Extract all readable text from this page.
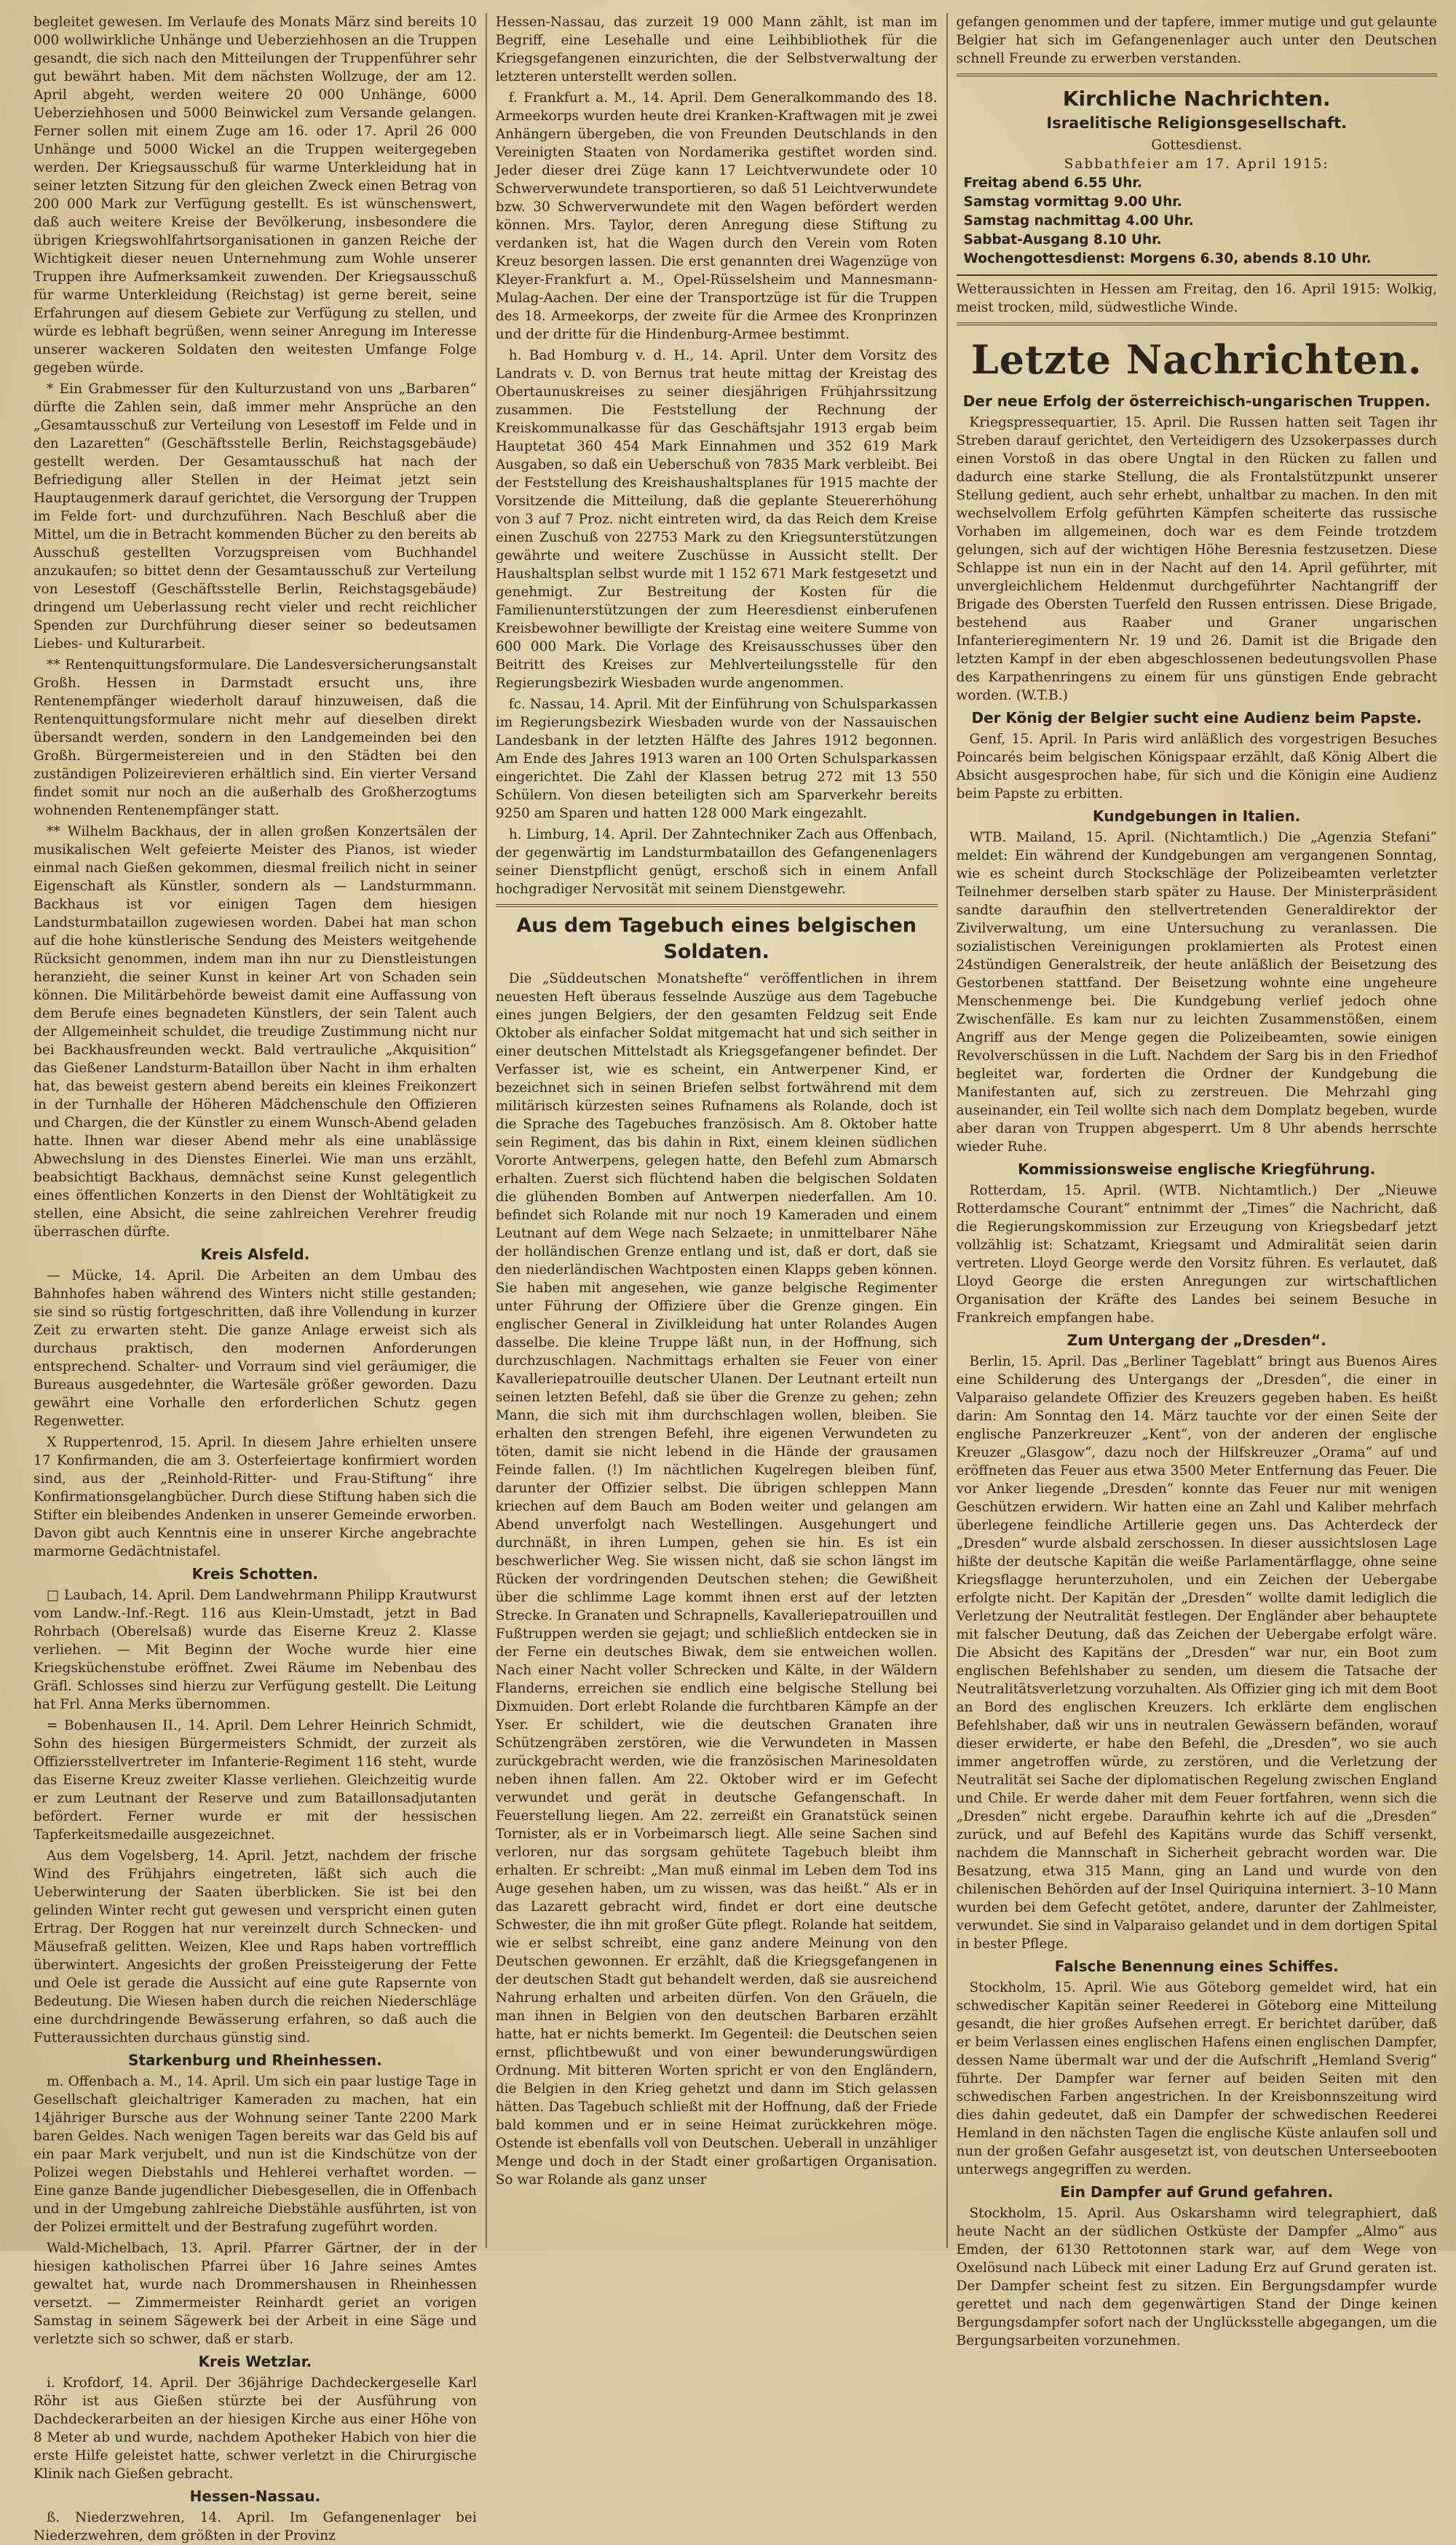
begleitet gewesen. Im Verlaufe des Monats März sind bereits 10 000 wollwirkliche Unhänge und Ueberziehhosen an die Truppen gesandt, die sich nach den Mitteilungen der Truppenführer sehr gut bewährt haben. Mit dem nächsten Wollzuge, der am 12. April abgeht, werden weitere 20 000 Unhänge, 6000 Ueberziehhosen und 5000 Beinwickel zum Versande gelangen. Ferner sollen mit einem Zuge am 16. oder 17. April 26 000 Unhänge und 5000 Wickel an die Truppen weitergegeben werden. Der Kriegsausschuß für warme Unterkleidung hat in seiner letzten Sitzung für den gleichen Zweck einen Betrag von 200 000 Mark zur Verfügung gestellt. Es ist wünschenswert, daß auch weitere Kreise der Bevölkerung, insbesondere die übrigen Kriegswohlfahrtsorganisationen in ganzen Reiche der Wichtigkeit dieser neuen Unternehmung zum Wohle unserer Truppen ihre Aufmerksamkeit zuwenden. Der Kriegsausschuß für warme Unterkleidung (Reichstag) ist gerne bereit, seine Erfahrungen auf diesem Gebiete zur Verfügung zu stellen, und würde es lebhaft begrüßen, wenn seiner Anregung im Interesse unserer wackeren Soldaten den weitesten Umfange Folge gegeben würde.

* Ein Grabmesser für den Kulturzustand von uns „Barbaren“ dürfte die Zahlen sein, daß immer mehr Ansprüche an den „Gesamtausschuß zur Verteilung von Lesestoff im Felde und in den Lazaretten“ (Geschäftsstelle Berlin, Reichstagsgebäude) gestellt werden. Der Gesamtausschuß hat nach der Befriedigung aller Stellen in der Heimat jetzt sein Hauptaugenmerk darauf gerichtet, die Versorgung der Truppen im Felde fort- und durchzuführen. Nach Beschluß aber die Mittel, um die in Betracht kommenden Bücher zu den bereits ab Ausschuß gestellten Vorzugspreisen vom Buchhandel anzukaufen; so bittet denn der Gesamtausschuß zur Verteilung von Lesestoff (Geschäftsstelle Berlin, Reichstagsgebäude) dringend um Ueberlassung recht vieler und recht reichlicher Spenden zur Durchführung dieser seiner so bedeutsamen Liebes- und Kulturarbeit.

** Rentenquittungsformulare. Die Landesversicherungsanstalt Großh. Hessen in Darmstadt ersucht uns, ihre Rentenempfänger wiederholt darauf hinzuweisen, daß die Rentenquittungsformulare nicht mehr auf dieselben direkt übersandt werden, sondern in den Landgemeinden bei den Großh. Bürgermeistereien und in den Städten bei den zuständigen Polizeirevieren erhältlich sind. Ein vierter Versand findet somit nur noch an die außerhalb des Großherzogtums wohnenden Rentenempfänger statt.

** Wilhelm Backhaus, der in allen großen Konzertsälen der musikalischen Welt gefeierte Meister des Pianos, ist wieder einmal nach Gießen gekommen, diesmal freilich nicht in seiner Eigenschaft als Künstler, sondern als — Landsturmmann. Backhaus ist vor einigen Tagen dem hiesigen Landsturmbataillon zugewiesen worden. Dabei hat man schon auf die hohe künstlerische Sendung des Meisters weitgehende Rücksicht genommen, indem man ihn nur zu Dienstleistungen heranzieht, die seiner Kunst in keiner Art von Schaden sein können. Die Militärbehörde beweist damit eine Auffassung von dem Berufe eines begnadeten Künstlers, der sein Talent auch der Allgemeinheit schuldet, die treudige Zustimmung nicht nur bei Backhausfreunden weckt. Bald vertrauliche „Akquisition“ das Gießener Landsturm-Bataillon über Nacht in ihm erhalten hat, das beweist gestern abend bereits ein kleines Freikonzert in der Turnhalle der Höheren Mädchenschule den Offizieren und Chargen, die der Künstler zu einem Wunsch-Abend geladen hatte. Ihnen war dieser Abend mehr als eine unablässige Abwechslung in des Dienstes Einerlei. Wie man uns erzählt, beabsichtigt Backhaus, demnächst seine Kunst gelegentlich eines öffentlichen Konzerts in den Dienst der Wohltätigkeit zu stellen, eine Absicht, die seine zahlreichen Verehrer freudig überraschen dürfte.

Kreis Alsfeld.

— Mücke, 14. April. Die Arbeiten an dem Umbau des Bahnhofes haben während des Winters nicht stille gestanden; sie sind so rüstig fortgeschritten, daß ihre Vollendung in kurzer Zeit zu erwarten steht. Die ganze Anlage erweist sich als durchaus praktisch, den modernen Anforderungen entsprechend. Schalter- und Vorraum sind viel geräumiger, die Bureaus ausgedehnter, die Wartesäle größer geworden. Dazu gewährt eine Vorhalle den erforderlichen Schutz gegen Regenwetter.

X Ruppertenrod, 15. April. In diesem Jahre erhielten unsere 17 Konfirmanden, die am 3. Osterfeiertage konfirmiert worden sind, aus der „Reinhold-Ritter- und Frau-Stiftung“ ihre Konfirmationsgelangbücher. Durch diese Stiftung haben sich die Stifter ein bleibendes Andenken in unserer Gemeinde erworben. Davon gibt auch Kenntnis eine in unserer Kirche angebrachte marmorne Gedächtnistafel.

Kreis Schotten.

□ Laubach, 14. April. Dem Landwehrmann Philipp Krautwurst vom Landw.-Inf.-Regt. 116 aus Klein-Umstadt, jetzt in Bad Rohrbach (Oberelsaß) wurde das Eiserne Kreuz 2. Klasse verliehen. — Mit Beginn der Woche wurde hier eine Kriegsküchenstube eröffnet. Zwei Räume im Nebenbau des Gräfl. Schlosses sind hierzu zur Verfügung gestellt. Die Leitung hat Frl. Anna Merks übernommen.

= Bobenhausen II., 14. April. Dem Lehrer Heinrich Schmidt, Sohn des hiesigen Bürgermeisters Schmidt, der zurzeit als Offiziersstellvertreter im Infanterie-Regiment 116 steht, wurde das Eiserne Kreuz zweiter Klasse verliehen. Gleichzeitig wurde er zum Leutnant der Reserve und zum Bataillonsadjutanten befördert. Ferner wurde er mit der hessischen Tapferkeitsmedaille ausgezeichnet.

Aus dem Vogelsberg, 14. April. Jetzt, nachdem der frische Wind des Frühjahrs eingetreten, läßt sich auch die Ueberwinterung der Saaten überblicken. Sie ist bei den gelinden Winter recht gut gewesen und verspricht einen guten Ertrag. Der Roggen hat nur vereinzelt durch Schnecken- und Mäusefraß gelitten. Weizen, Klee und Raps haben vortrefflich überwintert. Angesichts der großen Preissteigerung der Fette und Oele ist gerade die Aussicht auf eine gute Rapsernte von Bedeutung. Die Wiesen haben durch die reichen Niederschläge eine durchdringende Bewässerung erfahren, so daß auch die Futteraussichten durchaus günstig sind.

Starkenburg und Rheinhessen.

m. Offenbach a. M., 14. April. Um sich ein paar lustige Tage in Gesellschaft gleichaltriger Kameraden zu machen, hat ein 14jähriger Bursche aus der Wohnung seiner Tante 2200 Mark baren Geldes. Nach wenigen Tagen bereits war das Geld bis auf ein paar Mark verjubelt, und nun ist die Kindschütze von der Polizei wegen Diebstahls und Hehlerei verhaftet worden. — Eine ganze Bande jugendlicher Diebesgesellen, die in Offenbach und in der Umgebung zahlreiche Diebstähle ausführten, ist von der Polizei ermittelt und der Bestrafung zugeführt worden.

Wald-Michelbach, 13. April. Pfarrer Gärtner, der in der hiesigen katholischen Pfarrei über 16 Jahre seines Amtes gewaltet hat, wurde nach Drommershausen in Rheinhessen versetzt. — Zimmermeister Reinhardt geriet an vorigen Samstag in seinem Sägewerk bei der Arbeit in eine Säge und verletzte sich so schwer, daß er starb.

Kreis Wetzlar.

i. Krofdorf, 14. April. Der 36jährige Dachdeckergeselle Karl Röhr ist aus Gießen stürzte bei der Ausführung von Dachdeckerarbeiten an der hiesigen Kirche aus einer Höhe von 8 Meter ab und wurde, nachdem Apotheker Habich von hier die erste Hilfe geleistet hatte, schwer verletzt in die Chirurgische Klinik nach Gießen gebracht.

Hessen-Nassau.

ß. Niederzwehren, 14. April. Im Gefangenenlager bei Niederzwehren, dem größten in der Provinz

Hessen-Nassau, das zurzeit 19 000 Mann zählt, ist man im Begriff, eine Lesehalle und eine Leihbibliothek für die Kriegsgefangenen einzurichten, die der Selbstverwaltung der letzteren unterstellt werden sollen.

f. Frankfurt a. M., 14. April. Dem Generalkommando des 18. Armeekorps wurden heute drei Kranken-Kraftwagen mit je zwei Anhängern übergeben, die von Freunden Deutschlands in den Vereinigten Staaten von Nordamerika gestiftet worden sind. Jeder dieser drei Züge kann 17 Leichtverwundete oder 10 Schwerverwundete transportieren, so daß 51 Leichtverwundete bzw. 30 Schwerverwundete mit den Wagen befördert werden können. Mrs. Taylor, deren Anregung diese Stiftung zu verdanken ist, hat die Wagen durch den Verein vom Roten Kreuz besorgen lassen. Die erst genannten drei Wagenzüge von Kleyer-Frankfurt a. M., Opel-Rüsselsheim und Mannesmann-Mulag-Aachen. Der eine der Transportzüge ist für die Truppen des 18. Armeekorps, der zweite für die Armee des Kronprinzen und der dritte für die Hindenburg-Armee bestimmt.

h. Bad Homburg v. d. H., 14. April. Unter dem Vorsitz des Landrats v. D. von Bernus trat heute mittag der Kreistag des Obertaunuskreises zu seiner diesjährigen Frühjahrssitzung zusammen. Die Feststellung der Rechnung der Kreiskommunalkasse für das Geschäftsjahr 1913 ergab beim Hauptetat 360 454 Mark Einnahmen und 352 619 Mark Ausgaben, so daß ein Ueberschuß von 7835 Mark verbleibt. Bei der Feststellung des Kreishaushaltsplanes für 1915 machte der Vorsitzende die Mitteilung, daß die geplante Steuererhöhung von 3 auf 7 Proz. nicht eintreten wird, da das Reich dem Kreise einen Zuschuß von 22753 Mark zu den Kriegsunterstützungen gewährte und weitere Zuschüsse in Aussicht stellt. Der Haushaltsplan selbst wurde mit 1 152 671 Mark festgesetzt und genehmigt. Zur Bestreitung der Kosten für die Familienunterstützungen der zum Heeresdienst einberufenen Kreisbewohner bewilligte der Kreistag eine weitere Summe von 600 000 Mark. Die Vorlage des Kreisausschusses über den Beitritt des Kreises zur Mehlverteilungsstelle für den Regierungsbezirk Wiesbaden wurde angenommen.

fc. Nassau, 14. April. Mit der Einführung von Schulsparkassen im Regierungsbezirk Wiesbaden wurde von der Nassauischen Landesbank in der letzten Hälfte des Jahres 1912 begonnen. Am Ende des Jahres 1913 waren an 100 Orten Schulsparkassen eingerichtet. Die Zahl der Klassen betrug 272 mit 13 550 Schülern. Von diesen beteiligten sich am Sparverkehr bereits 9250 am Sparen und hatten 128 000 Mark eingezahlt.

h. Limburg, 14. April. Der Zahntechniker Zach aus Offenbach, der gegenwärtig im Landsturmbataillon des Gefangenenlagers seiner Dienstpflicht genügt, erschoß sich in einem Anfall hochgradiger Nervosität mit seinem Dienstgewehr.

Aus dem Tagebuch eines belgischen Soldaten.

Die „Süddeutschen Monatshefte“ veröffentlichen in ihrem neuesten Heft überaus fesselnde Auszüge aus dem Tagebuche eines jungen Belgiers, der den gesamten Feldzug seit Ende Oktober als einfacher Soldat mitgemacht hat und sich seither in einer deutschen Mittelstadt als Kriegsgefangener befindet. Der Verfasser ist, wie es scheint, ein Antwerpener Kind, er bezeichnet sich in seinen Briefen selbst fortwährend mit dem militärisch kürzesten seines Rufnamens als Rolande, doch ist die Sprache des Tagebuches französisch. Am 8. Oktober hatte sein Regiment, das bis dahin in Rixt, einem kleinen südlichen Vororte Antwerpens, gelegen hatte, den Befehl zum Abmarsch erhalten. Zuerst sich flüchtend haben die belgischen Soldaten die glühenden Bomben auf Antwerpen niederfallen. Am 10. befindet sich Rolande mit nur noch 19 Kameraden und einem Leutnant auf dem Wege nach Selzaete; in unmittelbarer Nähe der holländischen Grenze entlang und ist, daß er dort, daß sie den niederländischen Wachtposten einen Klapps geben können. Sie haben mit angesehen, wie ganze belgische Regimenter unter Führung der Offiziere über die Grenze gingen. Ein englischer General in Zivilkleidung hat unter Rolandes Augen dasselbe. Die kleine Truppe läßt nun, in der Hoffnung, sich durchzuschlagen. Nachmittags erhalten sie Feuer von einer Kavalleriepatrouille deutscher Ulanen. Der Leutnant erteilt nun seinen letzten Befehl, daß sie über die Grenze zu gehen; zehn Mann, die sich mit ihm durchschlagen wollen, bleiben. Sie erhalten den strengen Befehl, ihre eigenen Verwundeten zu töten, damit sie nicht lebend in die Hände der grausamen Feinde fallen. (!) Im nächtlichen Kugelregen bleiben fünf, darunter der Offizier selbst. Die übrigen schleppen Mann kriechen auf dem Bauch am Boden weiter und gelangen am Abend unverfolgt nach Westellingen. Ausgehungert und durchnäßt, in ihren Lumpen, gehen sie hin. Es ist ein beschwerlicher Weg. Sie wissen nicht, daß sie schon längst im Rücken der vordringenden Deutschen stehen; die Gewißheit über die schlimme Lage kommt ihnen erst auf der letzten Strecke. In Granaten und Schrapnells, Kavalleriepatrouillen und Fußtruppen werden sie gejagt; und schließlich entdecken sie in der Ferne ein deutsches Biwak, dem sie entweichen wollen. Nach einer Nacht voller Schrecken und Kälte, in der Wäldern Flanderns, erreichen sie endlich eine belgische Stellung bei Dixmuiden. Dort erlebt Rolande die furchtbaren Kämpfe an der Yser. Er schildert, wie die deutschen Granaten ihre Schützengräben zerstören, wie die Verwundeten in Massen zurückgebracht werden, wie die französischen Marinesoldaten neben ihnen fallen. Am 22. Oktober wird er im Gefecht verwundet und gerät in deutsche Gefangenschaft. In Feuerstellung liegen. Am 22. zerreißt ein Granatstück seinen Tornister, als er in Vorbeimarsch liegt. Alle seine Sachen sind verloren, nur das sorgsam gehütete Tagebuch bleibt ihm erhalten. Er schreibt: „Man muß einmal im Leben dem Tod ins Auge gesehen haben, um zu wissen, was das heißt.“ Als er in das Lazarett gebracht wird, findet er dort eine deutsche Schwester, die ihn mit großer Güte pflegt. Rolande hat seitdem, wie er selbst schreibt, eine ganz andere Meinung von den Deutschen gewonnen. Er erzählt, daß die Kriegsgefangenen in der deutschen Stadt gut behandelt werden, daß sie ausreichend Nahrung erhalten und arbeiten dürfen. Von den Gräueln, die man ihnen in Belgien von den deutschen Barbaren erzählt hatte, hat er nichts bemerkt. Im Gegenteil: die Deutschen seien ernst, pflichtbewußt und von einer bewunderungswürdigen Ordnung. Mit bitteren Worten spricht er von den Engländern, die Belgien in den Krieg gehetzt und dann im Stich gelassen hätten. Das Tagebuch schließt mit der Hoffnung, daß der Friede bald kommen und er in seine Heimat zurückkehren möge. Ostende ist ebenfalls voll von Deutschen. Ueberall in unzähliger Menge und doch in der Stadt einer großartigen Organisation. So war Rolande als ganz unser

gefangen genommen und der tapfere, immer mutige und gut gelaunte Belgier hat sich im Gefangenenlager auch unter den Deutschen schnell Freunde zu erwerben verstanden.

Kirchliche Nachrichten.
Israelitische Religionsgesellschaft.
Gottesdienst.
Sabbathfeier am 17. April 1915:
Freitag abend 6.55 Uhr.
Samstag vormittag 9.00 Uhr.
Samstag nachmittag 4.00 Uhr.
Sabbat-Ausgang 8.10 Uhr.
Wochengottesdienst: Morgens 6.30, abends 8.10 Uhr.

Wetteraussichten in Hessen am Freitag, den 16. April 1915: Wolkig, meist trocken, mild, südwestliche Winde.

Letzte Nachrichten.
Der neue Erfolg der österreichisch-ungarischen Truppen.

Kriegspressequartier, 15. April. Die Russen hatten seit Tagen ihr Streben darauf gerichtet, den Verteidigern des Uzsokerpasses durch einen Vorstoß in das obere Ungtal in den Rücken zu fallen und dadurch eine starke Stellung, die als Frontalstützpunkt unserer Stellung gedient, auch sehr erhebt, unhaltbar zu machen. In den mit wechselvollem Erfolg geführten Kämpfen scheiterte das russische Vorhaben im allgemeinen, doch war es dem Feinde trotzdem gelungen, sich auf der wichtigen Höhe Beresnia festzusetzen. Diese Schlappe ist nun ein in der Nacht auf den 14. April geführter, mit unvergleichlichem Heldenmut durchgeführter Nachtangriff der Brigade des Obersten Tuerfeld den Russen entrissen. Diese Brigade, bestehend aus Raaber und Graner ungarischen Infanterieregimentern Nr. 19 und 26. Damit ist die Brigade den letzten Kampf in der eben abgeschlossenen bedeutungsvollen Phase des Karpathenringens zu einem für uns günstigen Ende gebracht worden. (W.T.B.)

Der König der Belgier sucht eine Audienz beim Papste.

Genf, 15. April. In Paris wird anläßlich des vorgestrigen Besuches Poincarés beim belgischen Königspaar erzählt, daß König Albert die Absicht ausgesprochen habe, für sich und die Königin eine Audienz beim Papste zu erbitten.

Kundgebungen in Italien.

WTB. Mailand, 15. April. (Nichtamtlich.) Die „Agenzia Stefani“ meldet: Ein während der Kundgebungen am vergangenen Sonntag, wie es scheint durch Stockschläge der Polizeibeamten verletzter Teilnehmer derselben starb später zu Hause. Der Ministerpräsident sandte daraufhin den stellvertretenden Generaldirektor der Zivilverwaltung, um eine Untersuchung zu veranlassen. Die sozialistischen Vereinigungen proklamierten als Protest einen 24stündigen Generalstreik, der heute anläßlich der Beisetzung des Gestorbenen stattfand. Der Beisetzung wohnte eine ungeheure Menschenmenge bei. Die Kundgebung verlief jedoch ohne Zwischenfälle. Es kam nur zu leichten Zusammenstößen, einem Angriff aus der Menge gegen die Polizeibeamten, sowie einigen Revolverschüssen in die Luft. Nachdem der Sarg bis in den Friedhof begleitet war, forderten die Ordner der Kundgebung die Manifestanten auf, sich zu zerstreuen. Die Mehrzahl ging auseinander, ein Teil wollte sich nach dem Domplatz begeben, wurde aber daran von Truppen abgesperrt. Um 8 Uhr abends herrschte wieder Ruhe.

Kommissionsweise englische Kriegführung.

Rotterdam, 15. April. (WTB. Nichtamtlich.) Der „Nieuwe Rotterdamsche Courant“ entnimmt der „Times“ die Nachricht, daß die Regierungskommission zur Erzeugung von Kriegsbedarf jetzt vollzählig ist: Schatzamt, Kriegsamt und Admiralität seien darin vertreten. Lloyd George werde den Vorsitz führen. Es verlautet, daß Lloyd George die ersten Anregungen zur wirtschaftlichen Organisation der Kräfte des Landes bei seinem Besuche in Frankreich empfangen habe.

Zum Untergang der „Dresden“.

Berlin, 15. April. Das „Berliner Tageblatt“ bringt aus Buenos Aires eine Schilderung des Untergangs der „Dresden“, die einer in Valparaiso gelandete Offizier des Kreuzers gegeben haben. Es heißt darin: Am Sonntag den 14. März tauchte vor der einen Seite der englische Panzerkreuzer „Kent“, von der anderen der englische Kreuzer „Glasgow“, dazu noch der Hilfskreuzer „Orama“ auf und eröffneten das Feuer aus etwa 3500 Meter Entfernung das Feuer. Die vor Anker liegende „Dresden“ konnte das Feuer nur mit wenigen Geschützen erwidern. Wir hatten eine an Zahl und Kaliber mehrfach überlegene feindliche Artillerie gegen uns. Das Achterdeck der „Dresden“ wurde alsbald zerschossen. In dieser aussichtslosen Lage hißte der deutsche Kapitän die weiße Parlamentärflagge, ohne seine Kriegsflagge herunterzuholen, und ein Zeichen der Uebergabe erfolgte nicht. Der Kapitän der „Dresden“ wollte damit lediglich die Verletzung der Neutralität festlegen. Der Engländer aber behauptete mit falscher Deutung, daß das Zeichen der Uebergabe erfolgt wäre. Die Absicht des Kapitäns der „Dresden“ war nur, ein Boot zum englischen Befehlshaber zu senden, um diesem die Tatsache der Neutralitätsverletzung vorzuhalten. Als Offizier ging ich mit dem Boot an Bord des englischen Kreuzers. Ich erklärte dem englischen Befehlshaber, daß wir uns in neutralen Gewässern befänden, worauf dieser erwiderte, er habe den Befehl, die „Dresden“, wo sie auch immer angetroffen würde, zu zerstören, und die Verletzung der Neutralität sei Sache der diplomatischen Regelung zwischen England und Chile. Er werde daher mit dem Feuer fortfahren, wenn sich die „Dresden“ nicht ergebe. Daraufhin kehrte ich auf die „Dresden“ zurück, und auf Befehl des Kapitäns wurde das Schiff versenkt, nachdem die Mannschaft in Sicherheit gebracht worden war. Die Besatzung, etwa 315 Mann, ging an Land und wurde von den chilenischen Behörden auf der Insel Quiriquina interniert. 3–10 Mann wurden bei dem Gefecht getötet, andere, darunter der Zahlmeister, verwundet. Sie sind in Valparaiso gelandet und in dem dortigen Spital in bester Pflege.

Falsche Benennung eines Schiffes.

Stockholm, 15. April. Wie aus Göteborg gemeldet wird, hat ein schwedischer Kapitän seiner Reederei in Göteborg eine Mitteilung gesandt, die hier großes Aufsehen erregt. Er berichtet darüber, daß er beim Verlassen eines englischen Hafens einen englischen Dampfer, dessen Name übermalt war und der die Aufschrift „Hemland Sverig“ führte. Der Dampfer war ferner auf beiden Seiten mit den schwedischen Farben angestrichen. In der Kreisbonnszeitung wird dies dahin gedeutet, daß ein Dampfer der schwedischen Reederei Hemland in den nächsten Tagen die englische Küste anlaufen soll und nun der großen Gefahr ausgesetzt ist, von deutschen Unterseebooten unterwegs angegriffen zu werden.

Ein Dampfer auf Grund gefahren.

Stockholm, 15. April. Aus Oskarshamn wird telegraphiert, daß heute Nacht an der südlichen Ostküste der Dampfer „Almo“ aus Emden, der 6130 Rettotonnen stark war, auf dem Wege von Oxelösund nach Lübeck mit einer Ladung Erz auf Grund geraten ist. Der Dampfer scheint fest zu sitzen. Ein Bergungsdampfer wurde gerettet und nach dem gegenwärtigen Stand der Dinge keinen Bergungsdampfer sofort nach der Unglücksstelle abgegangen, um die Bergungsarbeiten vorzunehmen.
